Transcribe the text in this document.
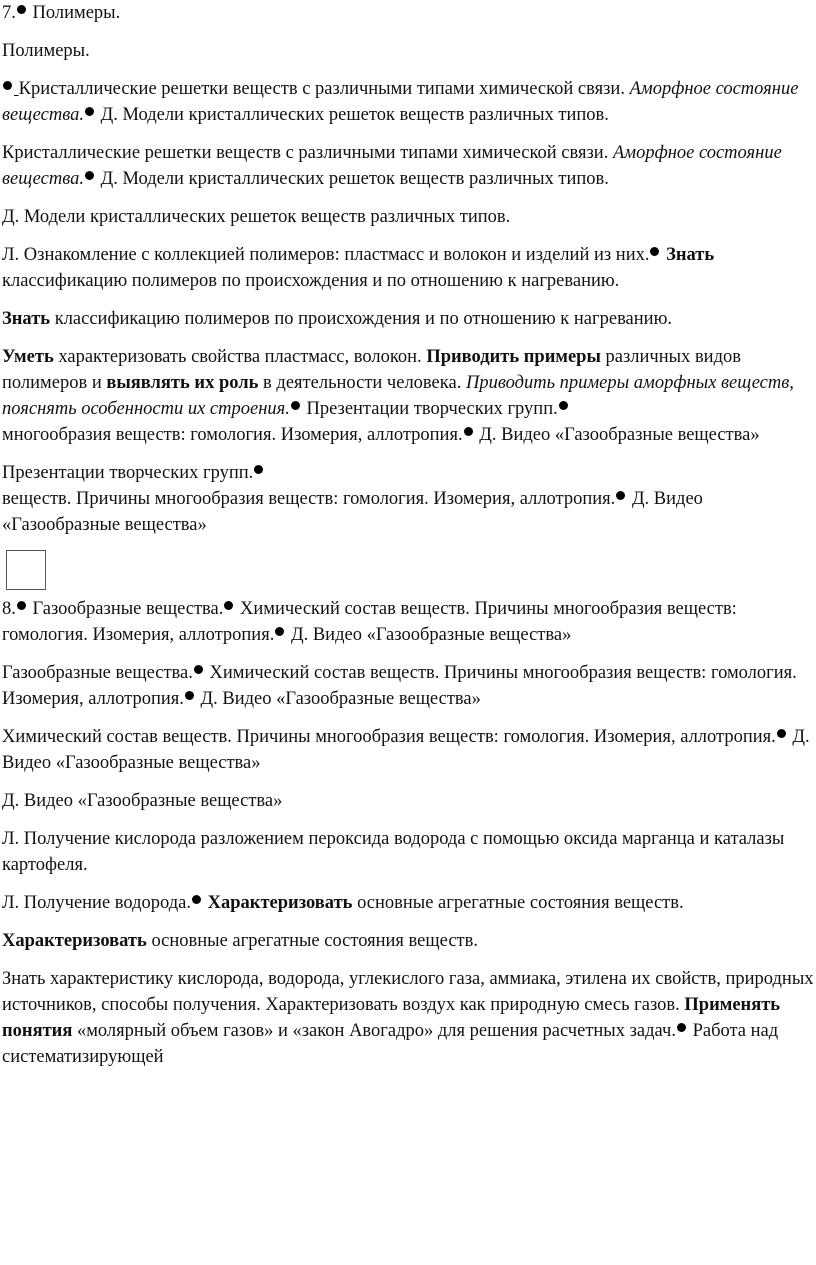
7. Полимеры.
Полимеры.
Кристаллические решетки веществ с различными типами химической связи. Аморфное состояние вещества. Д. Модели кристаллических решеток веществ различных типов.
Кристаллические решетки веществ с различными типами химической связи. Аморфное состояние вещества. Д. Модели кристаллических решеток веществ различных типов.
Д. Модели кристаллических решеток веществ различных типов.
Л. Ознакомление с коллекцией полимеров: пластмасс и волокон и изделий из них. Знать классификацию полимеров по происхождения и по отношению к нагреванию.
Знать классификацию полимеров по происхождения и по отношению к нагреванию.
Уметь характеризовать свойства пластмасс, волокон. Приводить примеры различных видов полимеров и выявлять их роль в деятельности человека. Приводить примеры аморфных веществ, пояснять особенности их строения. Презентации творческих групп.
многообразия веществ: гомология. Изомерия, аллотропия. Д. Видео «Газообразные вещества»
Презентации творческих групп.
веществ. Причины многообразия веществ: гомология. Изомерия, аллотропия. Д. Видео «Газообразные вещества»
8. Газообразные вещества. Химический состав веществ. Причины многообразия веществ: гомология. Изомерия, аллотропия. Д. Видео «Газообразные вещества»
Газообразные вещества. Химический состав веществ. Причины многообразия веществ: гомология. Изомерия, аллотропия. Д. Видео «Газообразные вещества»
Химический состав веществ. Причины многообразия веществ: гомология. Изомерия, аллотропия. Д. Видео «Газообразные вещества»
Д. Видео «Газообразные вещества»
Л. Получение кислорода разложением пероксида водорода с помощью оксида марганца и каталазы картофеля.
Л. Получение водорода. Характеризовать основные агрегатные состояния веществ.
Характеризовать основные агрегатные состояния веществ.
Знать характеристику кислорода, водорода, углекислого газа, аммиака, этилена их свойств, природных источников, способы получения. Характеризовать воздух как природную смесь газов. Применять понятия «молярный объем газов» и «закон Авогадро» для решения расчетных задач. Работа над систематизирующей
